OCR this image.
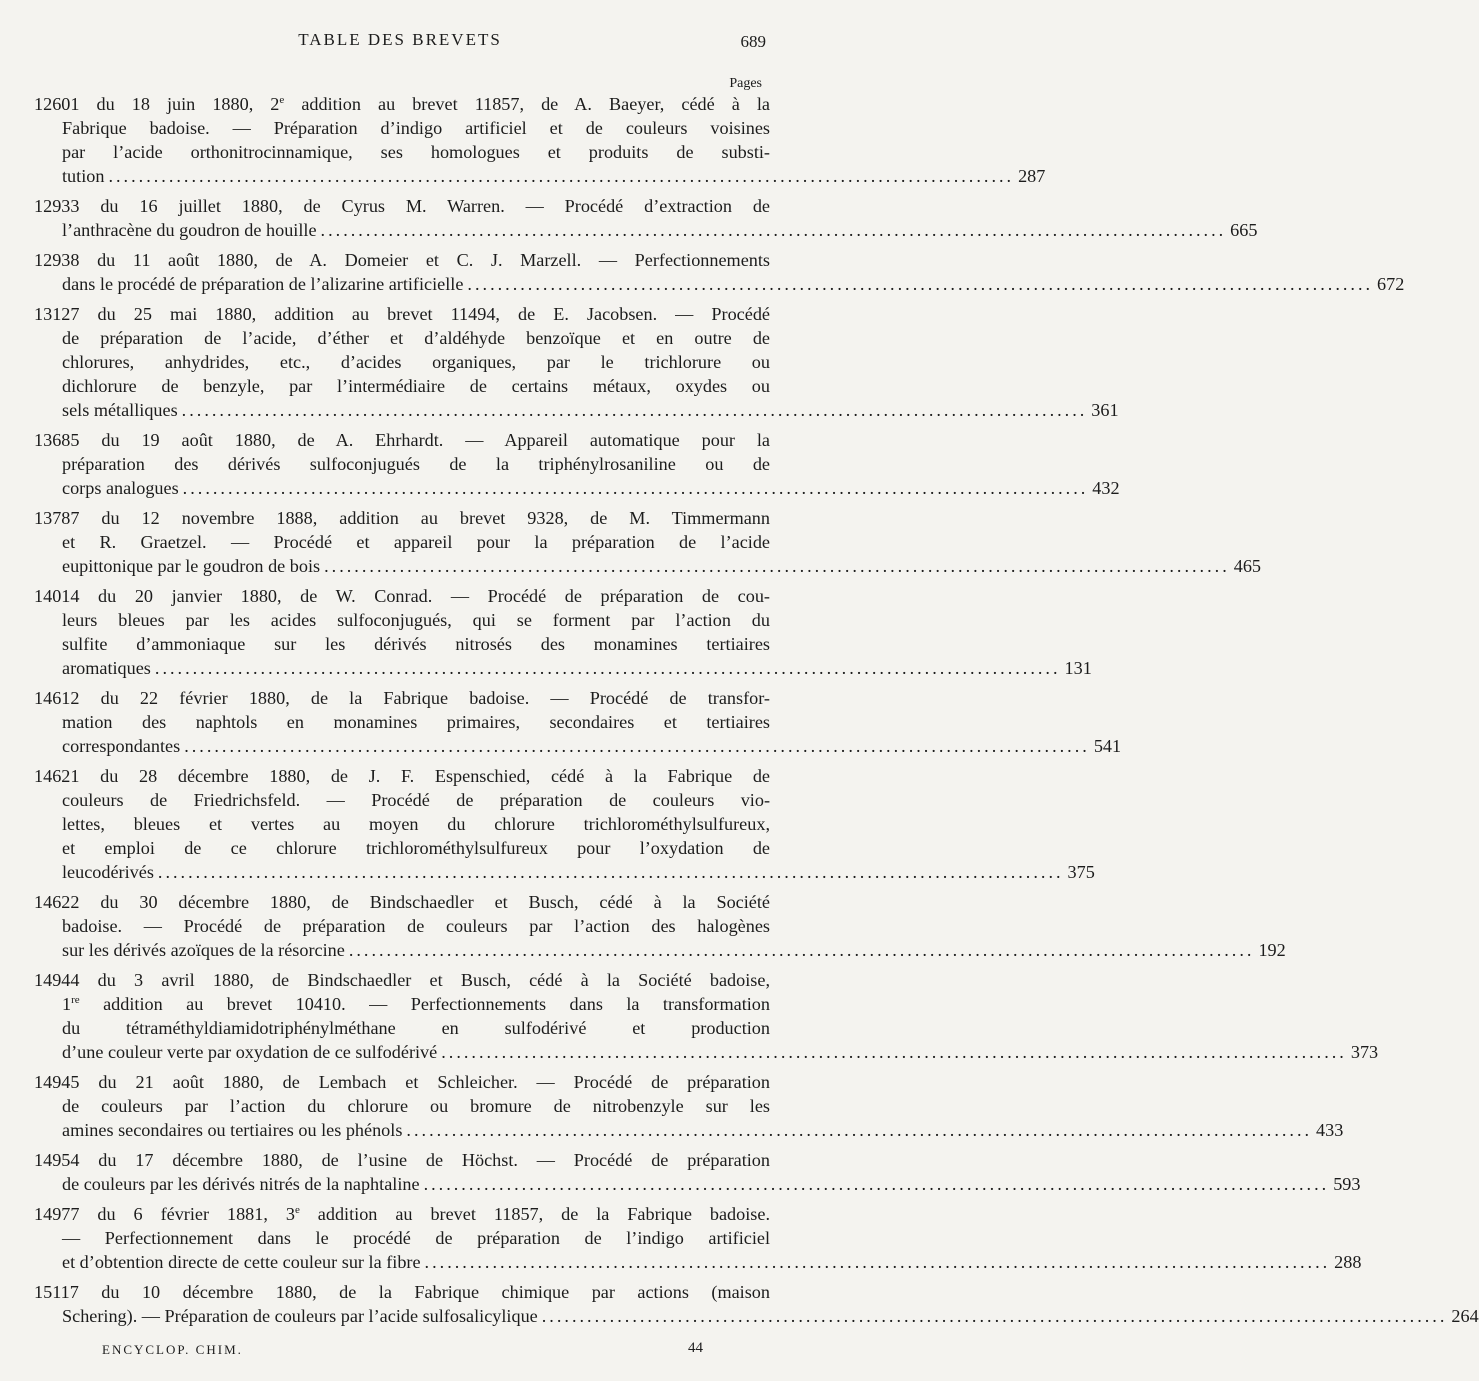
TABLE DES BREVETS	689
Pages
12601 du 18 juin 1880, 2e addition au brevet 11857, de A. Baeyer, cédé à la
Fabrique badoise. — Préparation d’indigo artificiel et de couleurs voisines
par l’acide orthonitrocinnamique, ses homologues et produits de substi-
tution ........................................................................................................................ 287
12933 du 16 juillet 1880, de Cyrus M. Warren. — Procédé d’extraction de
l’anthracène du goudron de houille ........................................................................................................................ 665
12938 du 11 août 1880, de A. Domeier et C. J. Marzell. — Perfectionnements
dans le procédé de préparation de l’alizarine artificielle ........................................................................................................................ 672
13127 du 25 mai 1880, addition au brevet 11494, de E. Jacobsen. — Procédé
de préparation de l’acide, d’éther et d’aldéhyde benzoïque et en outre de
chlorures, anhydrides, etc., d’acides organiques, par le trichlorure ou
dichlorure de benzyle, par l’intermédiaire de certains métaux, oxydes ou
sels métalliques ........................................................................................................................ 361
13685 du 19 août 1880, de A. Ehrhardt. — Appareil automatique pour la
préparation des dérivés sulfoconjugués de la triphénylrosaniline ou de
corps analogues ........................................................................................................................ 432
13787 du 12 novembre 1888, addition au brevet 9328, de M. Timmermann
et R. Graetzel. — Procédé et appareil pour la préparation de l’acide
eupittonique par le goudron de bois ........................................................................................................................ 465
14014 du 20 janvier 1880, de W. Conrad. — Procédé de préparation de cou-
leurs bleues par les acides sulfoconjugués, qui se forment par l’action du
sulfite d’ammoniaque sur les dérivés nitrosés des monamines tertiaires
aromatiques ........................................................................................................................ 131
14612 du 22 février 1880, de la Fabrique badoise. — Procédé de transfor-
mation des naphtols en monamines primaires, secondaires et tertiaires
correspondantes ........................................................................................................................ 541
14621 du 28 décembre 1880, de J. F. Espenschied, cédé à la Fabrique de
couleurs de Friedrichsfeld. — Procédé de préparation de couleurs vio-
lettes, bleues et vertes au moyen du chlorure trichlorométhylsulfureux,
et emploi de ce chlorure trichlorométhylsulfureux pour l’oxydation de
leucodérivés ........................................................................................................................ 375
14622 du 30 décembre 1880, de Bindschaedler et Busch, cédé à la Société
badoise. — Procédé de préparation de couleurs par l’action des halogènes
sur les dérivés azoïques de la résorcine ........................................................................................................................ 192
14944 du 3 avril 1880, de Bindschaedler et Busch, cédé à la Société badoise,
1re addition au brevet 10410. — Perfectionnements dans la transformation
du tétraméthyldiamidotriphénylméthane en sulfodérivé et production
d’une couleur verte par oxydation de ce sulfodérivé ........................................................................................................................ 373
14945 du 21 août 1880, de Lembach et Schleicher. — Procédé de préparation
de couleurs par l’action du chlorure ou bromure de nitrobenzyle sur les
amines secondaires ou tertiaires ou les phénols ........................................................................................................................ 433
14954 du 17 décembre 1880, de l’usine de Höchst. — Procédé de préparation
de couleurs par les dérivés nitrés de la naphtaline ........................................................................................................................ 593
14977 du 6 février 1881, 3e addition au brevet 11857, de la Fabrique badoise.
— Perfectionnement dans le procédé de préparation de l’indigo artificiel
et d’obtention directe de cette couleur sur la fibre ........................................................................................................................ 288
15117 du 10 décembre 1880, de la Fabrique chimique par actions (maison
Schering). — Préparation de couleurs par l’acide sulfosalicylique ........................................................................................................................ 264
ENCYCLOP. CHIM.	44
